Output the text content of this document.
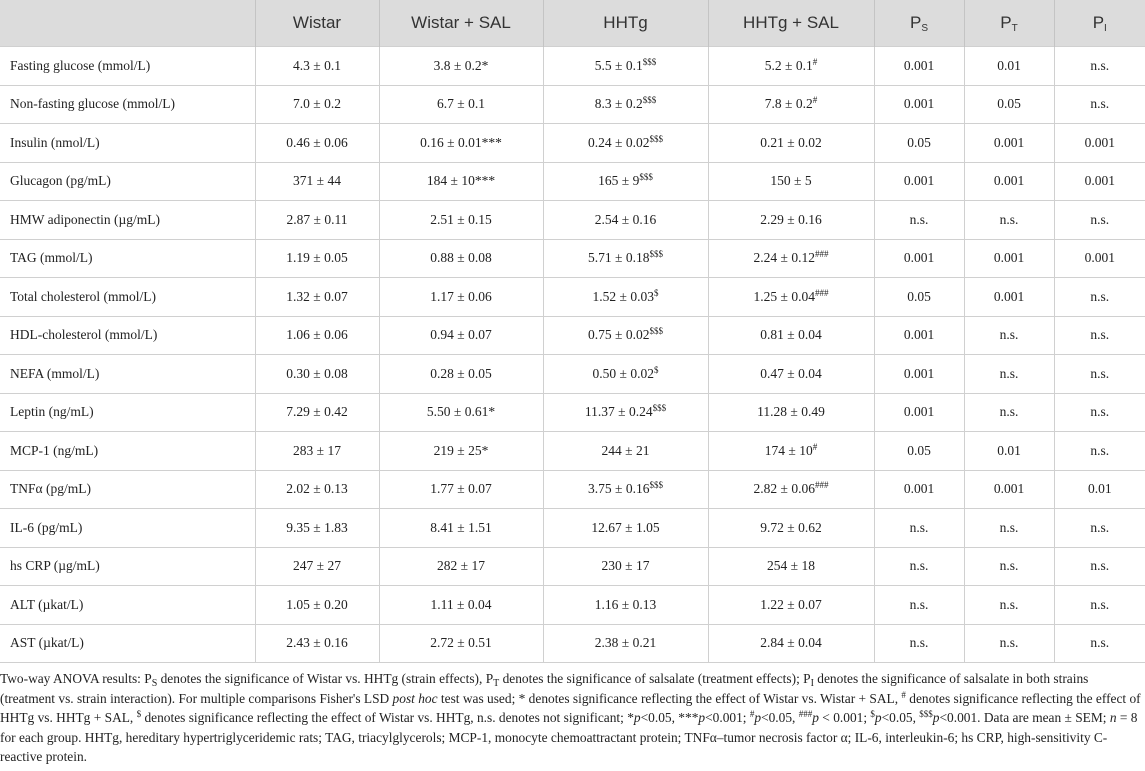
	Wistar	Wistar + SAL	HHTg	HHTg + SAL	$P_S$	$P_T$	$P_I$
Fasting glucose (mmol/L)	4.3 ± 0.1	3.8 ± 0.2*	5.5 ± 0.1$$$	5.2 ± 0.1#	0.001	0.01	n.s.
Non-fasting glucose (mmol/L)	7.0 ± 0.2	6.7 ± 0.1	8.3 ± 0.2$$$	7.8 ± 0.2#	0.001	0.05	n.s.
Insulin (nmol/L)	0.46 ± 0.06	0.16 ± 0.01***	0.24 ± 0.02$$$	0.21 ± 0.02	0.05	0.001	0.001
Glucagon (pg/mL)	371 ± 44	184 ± 10***	165 ± 9$$$	150 ± 5	0.001	0.001	0.001
HMW adiponectin (µg/mL)	2.87 ± 0.11	2.51 ± 0.15	2.54 ± 0.16	2.29 ± 0.16	n.s.	n.s.	n.s.
TAG (mmol/L)	1.19 ± 0.05	0.88 ± 0.08	5.71 ± 0.18$$$	2.24 ± 0.12###	0.001	0.001	0.001
Total cholesterol (mmol/L)	1.32 ± 0.07	1.17 ± 0.06	1.52 ± 0.03$	1.25 ± 0.04###	0.05	0.001	n.s.
HDL-cholesterol (mmol/L)	1.06 ± 0.06	0.94 ± 0.07	0.75 ± 0.02$$$	0.81 ± 0.04	0.001	n.s.	n.s.
NEFA (mmol/L)	0.30 ± 0.08	0.28 ± 0.05	0.50 ± 0.02$	0.47 ± 0.04	0.001	n.s.	n.s.
Leptin (ng/mL)	7.29 ± 0.42	5.50 ± 0.61*	11.37 ± 0.24$$$	11.28 ± 0.49	0.001	n.s.	n.s.
MCP-1 (ng/mL)	283 ± 17	219 ± 25*	244 ± 21	174 ± 10#	0.05	0.01	n.s.
TNFα (pg/mL)	2.02 ± 0.13	1.77 ± 0.07	3.75 ± 0.16$$$	2.82 ± 0.06###	0.001	0.001	0.01
IL-6 (pg/mL)	9.35 ± 1.83	8.41 ± 1.51	12.67 ± 1.05	9.72 ± 0.62	n.s.	n.s.	n.s.
hs CRP (µg/mL)	247 ± 27	282 ± 17	230 ± 17	254 ± 18	n.s.	n.s.	n.s.
ALT (µkat/L)	1.05 ± 0.20	1.11 ± 0.04	1.16 ± 0.13	1.22 ± 0.07	n.s.	n.s.	n.s.
AST (µkat/L)	2.43 ± 0.16	2.72 ± 0.51	2.38 ± 0.21	2.84 ± 0.04	n.s.	n.s.	n.s.

Two-way ANOVA results: $P_S$ denotes the significance of Wistar vs. HHTg (strain effects), $P_T$ denotes the significance of salsalate (treatment effects); $P_I$ denotes the significance of salsalate in both strains (treatment vs. strain interaction). For multiple comparisons Fisher's LSD post hoc test was used; * denotes significance reflecting the effect of Wistar vs. Wistar + SAL, # denotes significance reflecting the effect of HHTg vs. HHTg + SAL, $ denotes significance reflecting the effect of Wistar vs. HHTg, n.s. denotes not significant; *p˂0.05, ***p˂0.001; #p˂0.05, ###p < 0.001; $p˂0.05, $$$p˂0.001. Data are mean ± SEM; n = 8 for each group. HHTg, hereditary hypertriglyceridemic rats; TAG, triacylglycerols; MCP-1, monocyte chemoattractant protein; TNFα–tumor necrosis factor α; IL-6, interleukin-6; hs CRP, high-sensitivity C-reactive protein.
